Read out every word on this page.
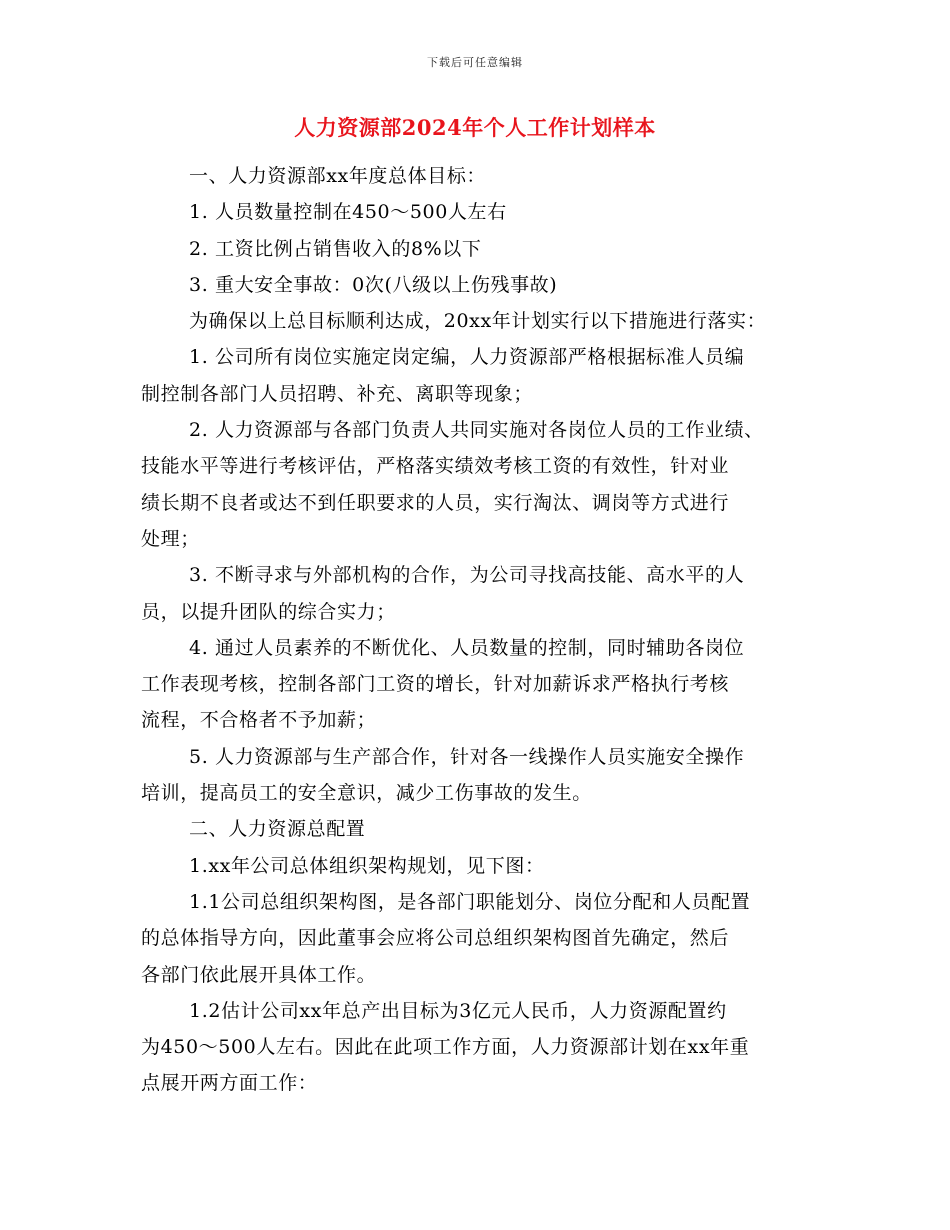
下载后可任意编辑
人力资源部2024年个人工作计划样本
一、人力资源部xx年度总体目标：
1. 人员数量控制在450～500人左右
2. 工资比例占销售收入的8%以下
3. 重大安全事故：0次(八级以上伤残事故)
为确保以上总目标顺利达成，20xx年计划实行以下措施进行落实：
1. 公司所有岗位实施定岗定编，人力资源部严格根据标准人员编
制控制各部门人员招聘、补充、离职等现象；
2. 人力资源部与各部门负责人共同实施对各岗位人员的工作业绩、
技能水平等进行考核评估，严格落实绩效考核工资的有效性，针对业
绩长期不良者或达不到任职要求的人员，实行淘汰、调岗等方式进行
处理；
3. 不断寻求与外部机构的合作，为公司寻找高技能、高水平的人
员，以提升团队的综合实力；
4. 通过人员素养的不断优化、人员数量的控制，同时辅助各岗位
工作表现考核，控制各部门工资的增长，针对加薪诉求严格执行考核
流程，不合格者不予加薪；
5. 人力资源部与生产部合作，针对各一线操作人员实施安全操作
培训，提高员工的安全意识，减少工伤事故的发生。
二、人力资源总配置
1.xx年公司总体组织架构规划，见下图：
1.1公司总组织架构图，是各部门职能划分、岗位分配和人员配置
的总体指导方向，因此董事会应将公司总组织架构图首先确定，然后
各部门依此展开具体工作。
1.2估计公司xx年总产出目标为3亿元人民币，人力资源配置约
为450～500人左右。因此在此项工作方面，人力资源部计划在xx年重
点展开两方面工作：
